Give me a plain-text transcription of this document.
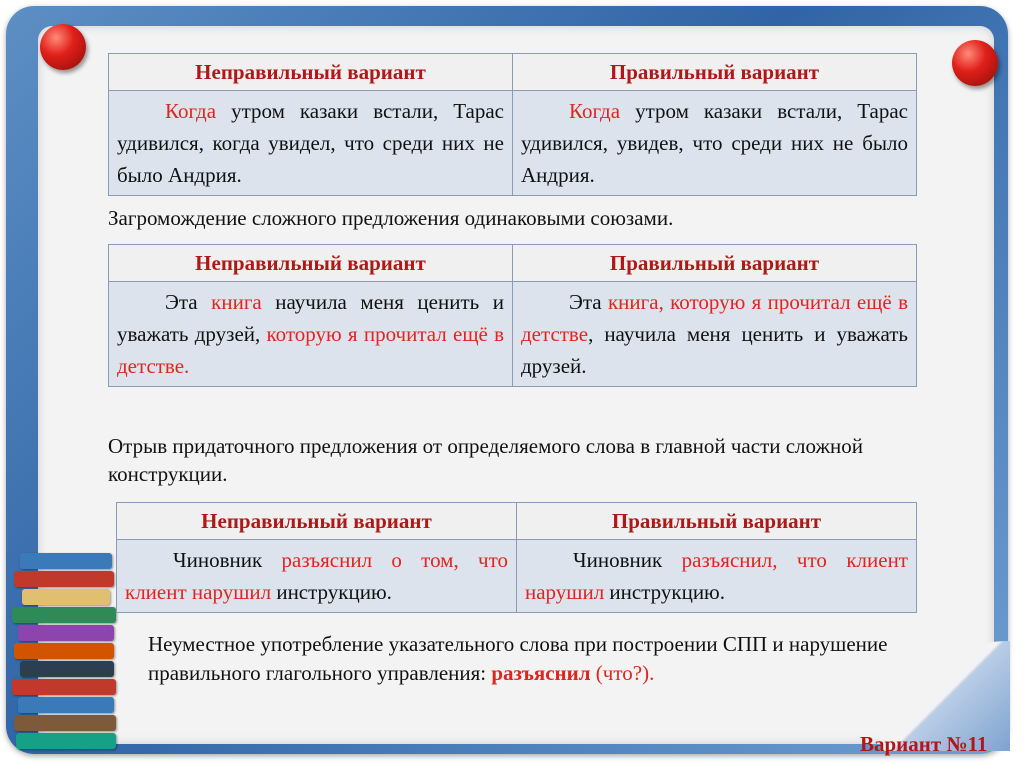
Неправильный вариант	Правильный вариант
Когда утром казаки встали, Тарас удивился, когда увидел, что среди них не было Андрия.	Когда утром казаки встали, Тарас удивился, увидев, что среди них не было Андрия.
Загромождение сложного предложения одинаковыми союзами.
Неправильный вариант	Правильный вариант
Эта книга научила меня ценить и уважать друзей, которую я прочитал ещё в детстве.	Эта книга, которую я прочитал ещё в детстве, научила меня ценить и уважать друзей.
Отрыв придаточного предложения от определяемого слова в главной части сложной конструкции.
Неправильный вариант	Правильный вариант
Чиновник разъяснил о том, что клиент нарушил инструкцию.	Чиновник разъяснил, что клиент нарушил инструкцию.
Неуместное употребление указательного слова при построении СПП и нарушение правильного глагольного управления: разъяснил (что?).
Вариант №11
